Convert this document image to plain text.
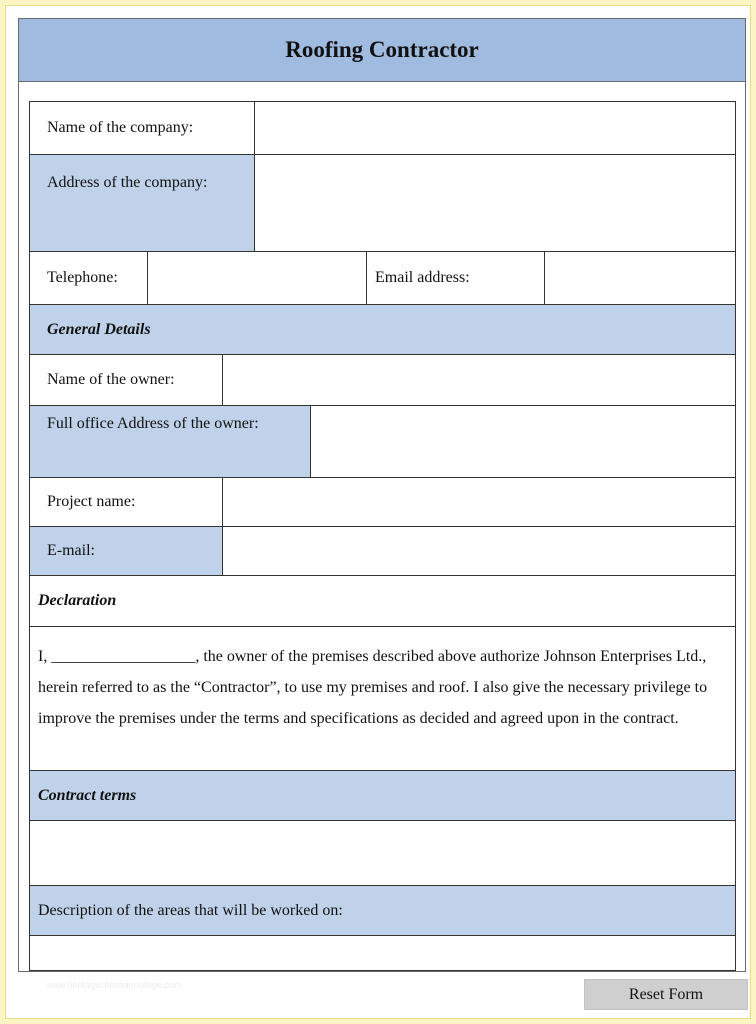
Roofing Contractor
Name of the company:
Address of the company:
Telephone:	Email address:
General Details
Name of the owner:
Full office Address of the owner:
Project name:
E-mail:
Declaration
I, __________________, the owner of the premises described above authorize Johnson Enterprises Ltd., herein referred to as the “Contractor”, to use my premises and roof. I also give the necessary privilege to improve the premises under the terms and specifications as decided and agreed upon in the contract.
Contract terms
Description of the areas that will be worked on:
www.heritagechristiancollege.com
Reset Form
